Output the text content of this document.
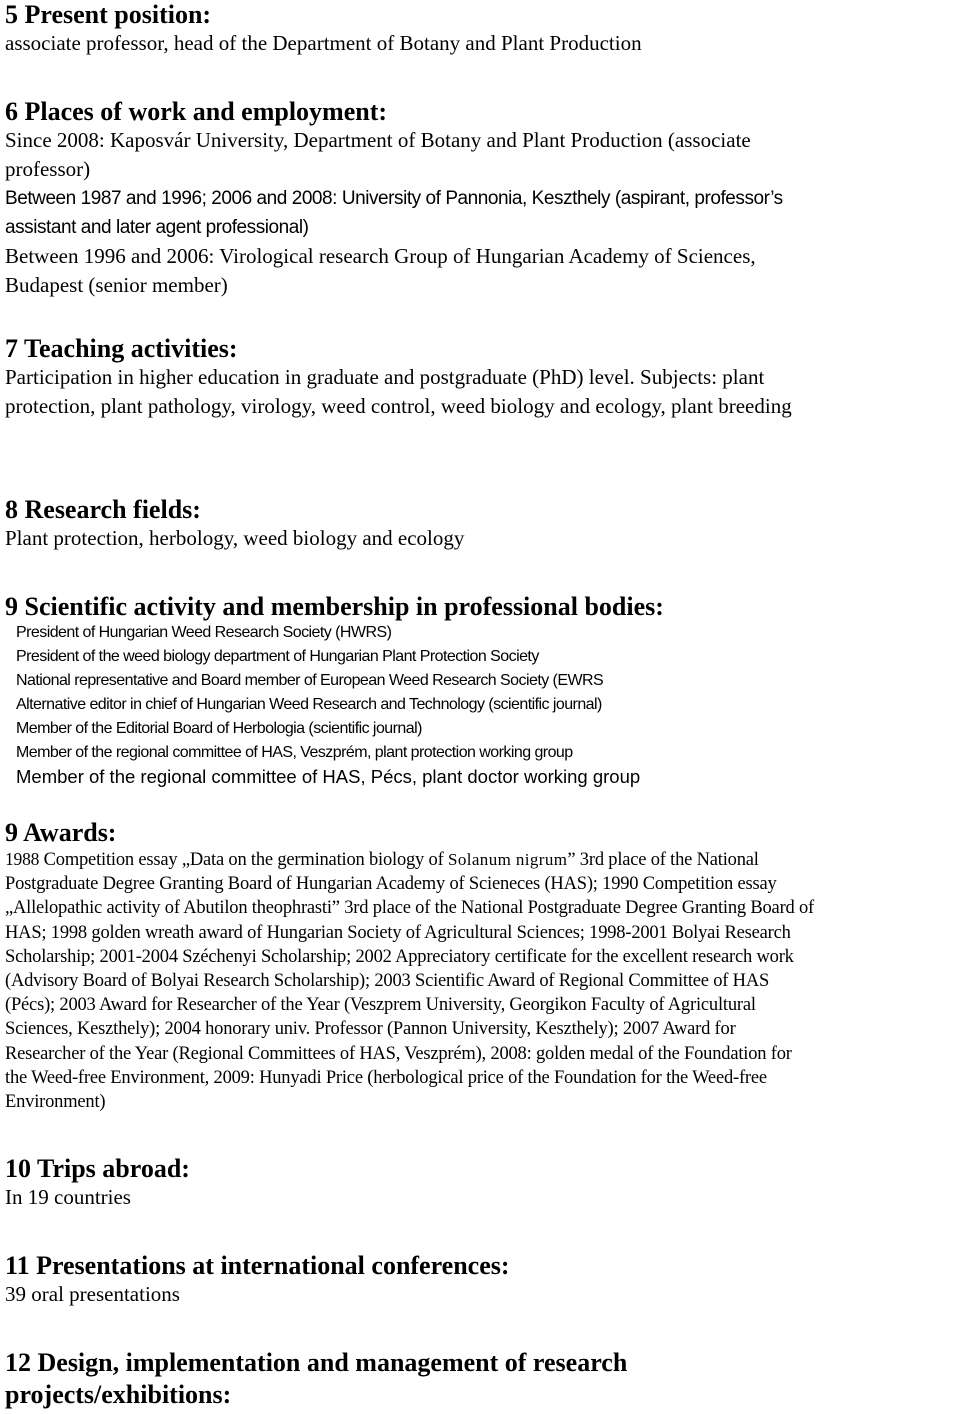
5 Present position:
associate professor, head of the Department of Botany and Plant Production
6 Places of work and employment:
Since 2008: Kaposvár University, Department of Botany and Plant Production (associate
professor)
Between 1987 and 1996; 2006 and 2008: University of Pannonia, Keszthely (aspirant, professor’s
assistant and later agent professional)
Between 1996 and 2006: Virological research Group of Hungarian Academy of Sciences,
Budapest (senior member)
7 Teaching activities:
Participation in higher education in graduate and postgraduate (PhD) level. Subjects: plant
protection, plant pathology, virology, weed control, weed biology and ecology, plant breeding
8 Research fields:
Plant protection, herbology, weed biology and ecology
9 Scientific activity and membership in professional bodies:
President of Hungarian Weed Research Society (HWRS)
President of the weed biology department of Hungarian Plant Protection Society
National representative and Board member of European Weed Research Society (EWRS
Alternative editor in chief of Hungarian Weed Research and Technology (scientific journal)
Member of the Editorial Board of Herbologia (scientific journal)
Member of the regional committee of HAS, Veszprém, plant protection working group
Member of the regional committee of HAS, Pécs, plant doctor working group
9 Awards:
1988 Competition essay „Data on the germination biology of Solanum nigrum” 3rd place of the National
Postgraduate Degree Granting Board of Hungarian Academy of Scieneces (HAS); 1990 Competition essay
„Allelopathic activity of Abutilon theophrasti” 3rd place of the National Postgraduate Degree Granting Board of
HAS; 1998 golden wreath award of Hungarian Society of Agricultural Sciences; 1998-2001 Bolyai Research
Scholarship; 2001-2004 Széchenyi Scholarship; 2002 Appreciatory certificate for the excellent research work
(Advisory Board of Bolyai Research Scholarship); 2003 Scientific Award of Regional Committee of HAS
(Pécs); 2003 Award for Researcher of the Year (Veszprem University, Georgikon Faculty of Agricultural
Sciences, Keszthely); 2004 honorary univ. Professor (Pannon University, Keszthely); 2007 Award for
Researcher of the Year (Regional Committees of HAS, Veszprém), 2008: golden medal of the Foundation for
the Weed-free Environment, 2009: Hunyadi Price (herbological price of the Foundation for the Weed-free
Environment)
10 Trips abroad:
In 19 countries
11 Presentations at international conferences:
39 oral presentations
12 Design, implementation and management of research
projects/exhibitions:
